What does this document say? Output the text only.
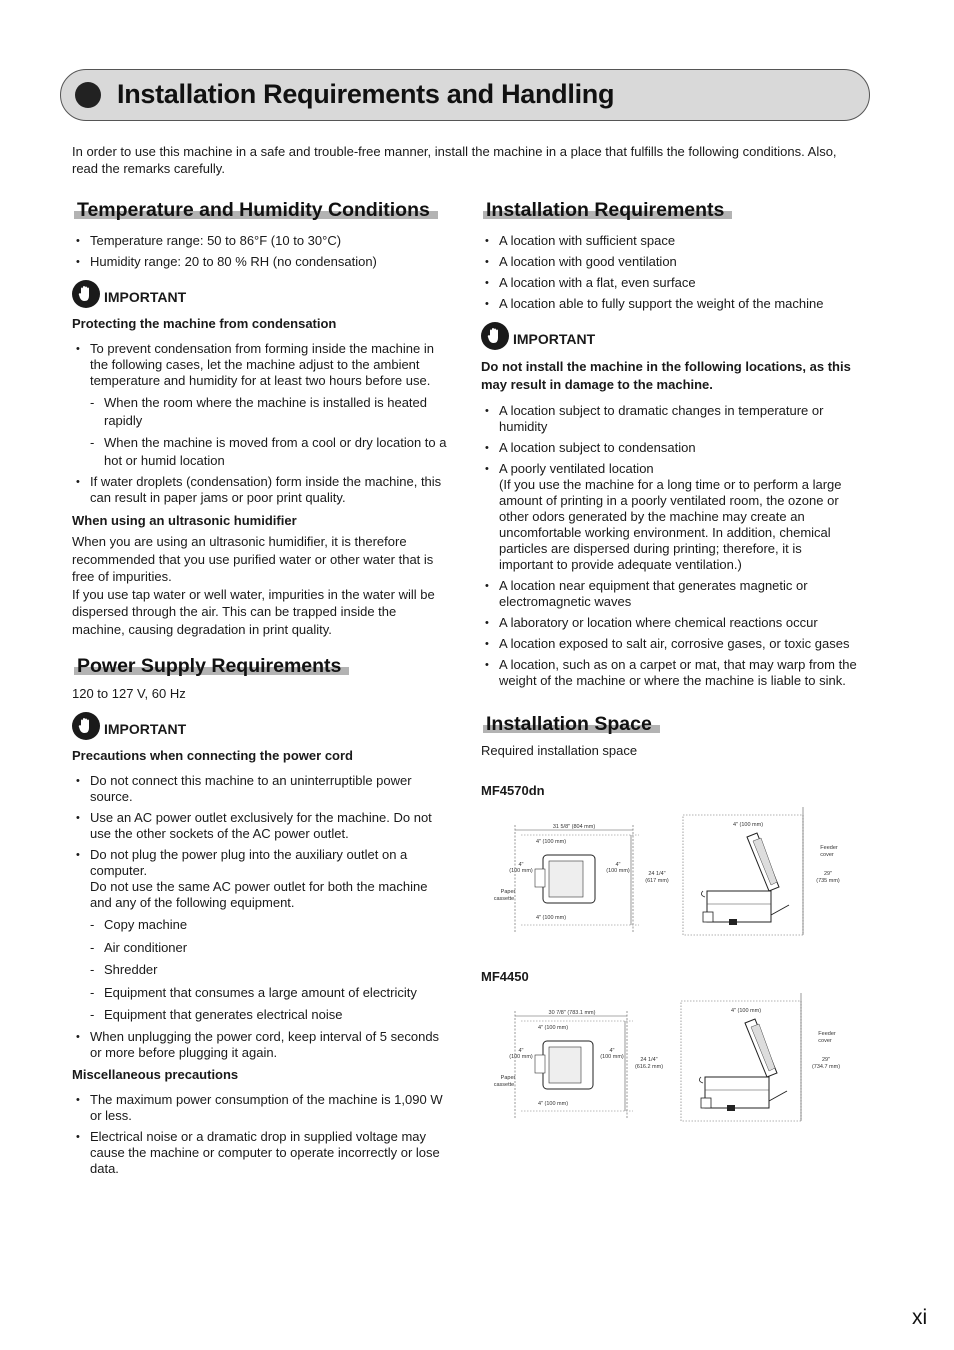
Installation Requirements and Handling
In order to use this machine in a safe and trouble-free manner, install the machine in a place that fulfills the following conditions. Also, read the remarks carefully.
Temperature and Humidity Conditions
• Temperature range: 50 to 86°F (10 to 30°C)
• Humidity range: 20 to 80 % RH (no condensation)
IMPORTANT
Protecting the machine from condensation
• To prevent condensation from forming inside the machine in the following cases, let the machine adjust to the ambient temperature and humidity for at least two hours before use.
- When the room where the machine is installed is heated rapidly
- When the machine is moved from a cool or dry location to a hot or humid location
• If water droplets (condensation) form inside the machine, this can result in paper jams or poor print quality.
When using an ultrasonic humidifier
When you are using an ultrasonic humidifier, it is therefore recommended that you use purified water or other water that is free of impurities.
If you use tap water or well water, impurities in the water will be dispersed through the air. This can be trapped inside the machine, causing degradation in print quality.
Power Supply Requirements
120 to 127 V, 60 Hz
IMPORTANT
Precautions when connecting the power cord
• Do not connect this machine to an uninterruptible power source.
• Use an AC power outlet exclusively for the machine. Do not use the other sockets of the AC power outlet.
• Do not plug the power plug into the auxiliary outlet on a computer.
Do not use the same AC power outlet for both the machine and any of the following equipment.
- Copy machine
- Air conditioner
- Shredder
- Equipment that consumes a large amount of electricity
- Equipment that generates electrical noise
• When unplugging the power cord, keep interval of 5 seconds or more before plugging it again.
Miscellaneous precautions
• The maximum power consumption of the machine is 1,090 W or less.
• Electrical noise or a dramatic drop in supplied voltage may cause the machine or computer to operate incorrectly or lose data.
Installation Requirements
• A location with sufficient space
• A location with good ventilation
• A location with a flat, even surface
• A location able to fully support the weight of the machine
IMPORTANT
Do not install the machine in the following locations, as this may result in damage to the machine.
• A location subject to dramatic changes in temperature or humidity
• A location subject to condensation
• A poorly ventilated location
(If you use the machine for a long time or to perform a large amount of printing in a poorly ventilated room, the ozone or other odors generated by the machine may create an uncomfortable working environment. In addition, chemical particles are dispersed during printing; therefore, it is important to provide adequate ventilation.)
• A location near equipment that generates magnetic or electromagnetic waves
• A laboratory or location where chemical reactions occur
• A location exposed to salt air, corrosive gases, or toxic gases
• A location, such as on a carpet or mat, that may warp from the weight of the machine or where the machine is liable to sink.
Installation Space
Required installation space
MF4570dn
31 5/8" (804 mm)
4" (100 mm)
4" (100 mm)
24 1/4"
(617 mm)
4"
(100 mm)
4"
(100 mm)
Paper
cassette
4" (100 mm)
Feeder
cover
29"
(735 mm)
MF4450
30 7/8" (783.1 mm)
4" (100 mm)
4" (100 mm)
24 1/4"
(616.2 mm)
4"
(100 mm)
4"
(100 mm)
Paper
cassette
4" (100 mm)
Feeder
cover
29"
(734.7 mm)
xi
